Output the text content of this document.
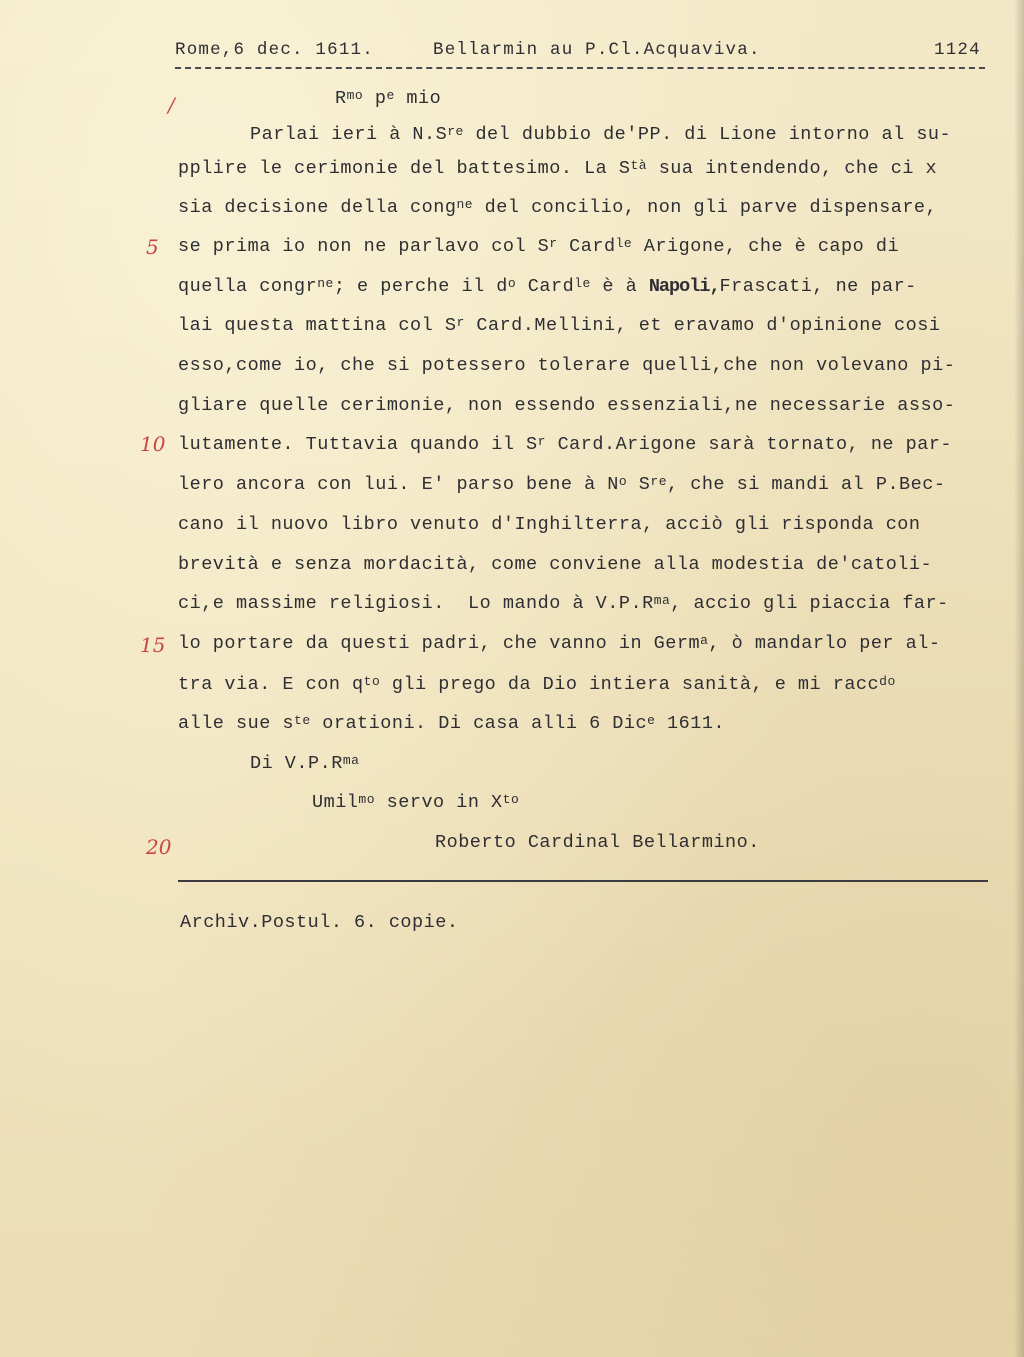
Rome,6 dec. 1611.	Bellarmin au P.Cl.Acquaviva.	1124
$R^{mo}$ $p^e$ mio
/
5
10
15
20
Parlai ieri à $N.S^{re}$ del dubbio de'PP. di Lione intorno al su-
pplire le cerimonie del battesimo. La $S^{tà}$ sua intendendo, che ci x
sia decisione della cong$^{ne}$ del concilio, non gli parve dispensare,
se prima io non ne parlavo col $S^r$ Card$^{le}$ Arigone, che è capo di
quella congr$^{ne}$; e perche il $d^o$ Card$^{le}$ è à Napoli,Frascati, ne par-
lai questa mattina col $S^r$ Card.Mellini, et eravamo d'opinione cosi
esso,come io, che si potessero tolerare quelli,che non volevano pi-
gliare quelle cerimonie, non essendo essenziali,ne necessarie asso-
lutamente. Tuttavia quando il $S^r$ Card.Arigone sarà tornato, ne par-
lero ancora con lui. E' parso bene à $N^o$ $S^{re}$, che si mandi al P.Bec-
cano il nuovo libro venuto d'Inghilterra, acciò gli risponda con
brevità e senza mordacità, come conviene alla modestia de'catoli-
ci,e massime religiosi.  Lo mando à $V.P.R^{ma}$, accio gli piaccia far-
lo portare da questi padri, che vanno in Germ$^a$, ò mandarlo per al-
tra via. E con $q^{to}$ gli prego da Dio intiera sanità, e mi racc$^{do}$
alle sue $s^{te}$ orationi. Di casa alli 6 Dic$^e$ 1611.
Di $V.P.R^{ma}$
Umil$^{mo}$ servo in $X^{to}$
Roberto Cardinal Bellarmino.
Archiv.Postul. 6. copie.
